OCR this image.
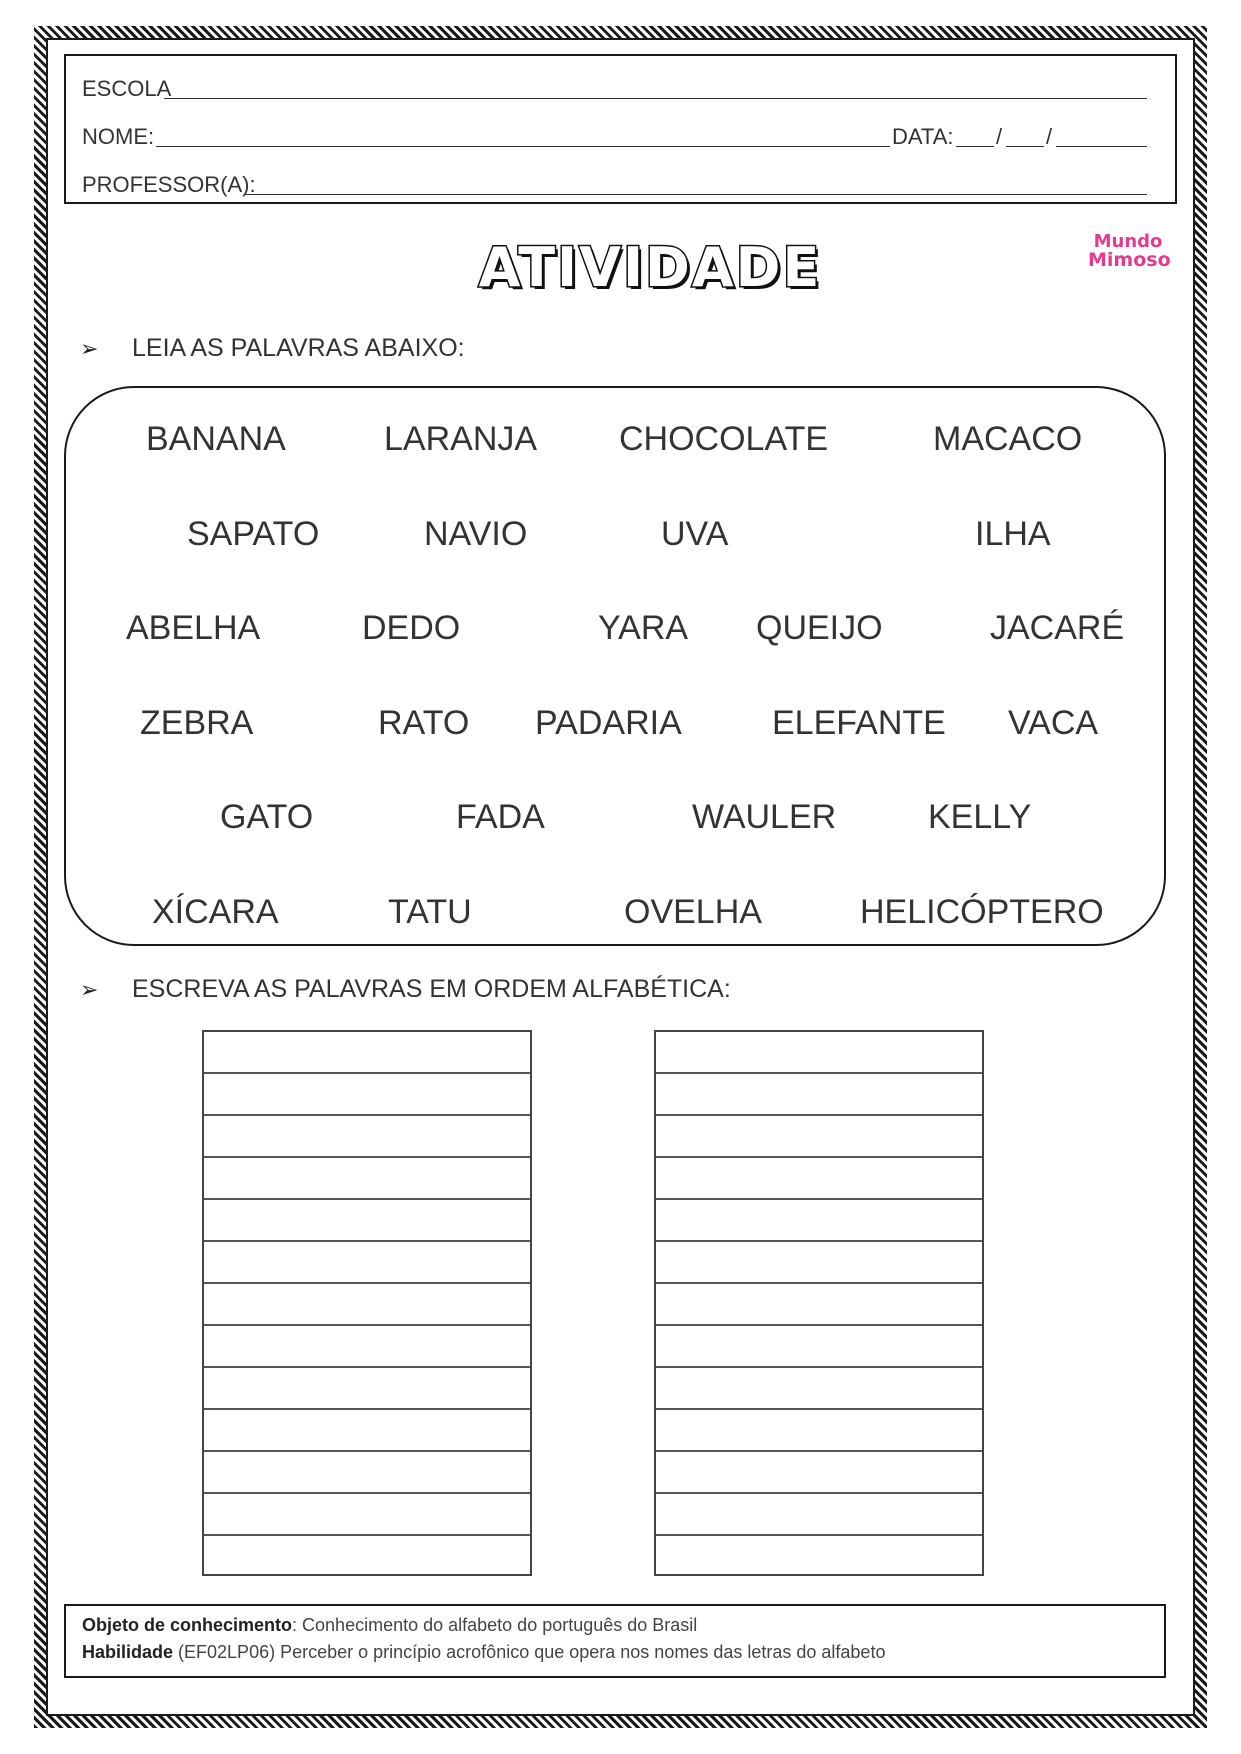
ESCOLA
NOME:	DATA: / /
PROFESSOR(A):
ATIVIDADE	Mundo
Mimoso
➢ LEIA AS PALAVRAS ABAIXO:
BANANA	LARANJA CHOCOLATE	MACACO
SAPATO	NAVIO	UVA	ILHA
ABELHA	DEDO	YARA QUEIJO	JACARÉ
ZEBRA	RATO PADARIA	ELEFANTE VACA
GATO	FADA	WAULER	KELLY
XÍCARA	TATU	OVELHA	HELICÓPTERO
➢ ESCREVA AS PALAVRAS EM ORDEM ALFABÉTICA:
Objeto de conhecimento: Conhecimento do alfabeto do português do Brasil
Habilidade (EF02LP06) Perceber o princípio acrofônico que opera nos nomes das letras do alfabeto
